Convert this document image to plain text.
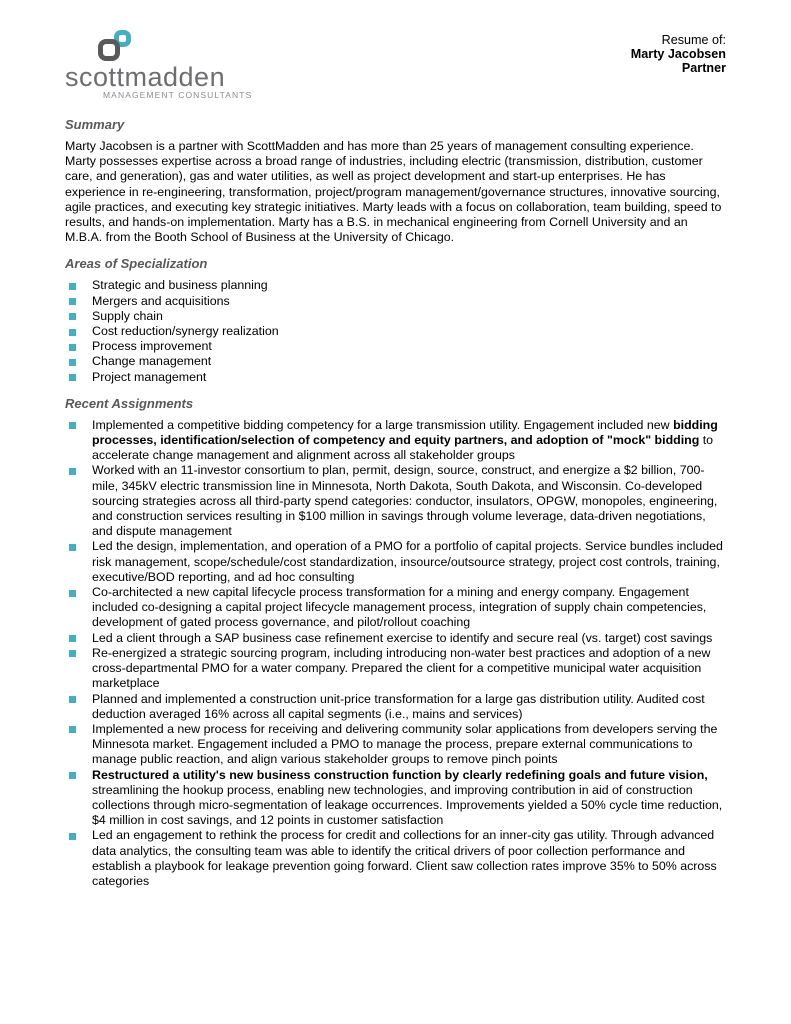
scottmadden
MANAGEMENT CONSULTANTS
Resume of:
Marty Jacobsen
Partner
Summary

Marty Jacobsen is a partner with ScottMadden and has more than 25 years of management consulting experience. Marty possesses expertise across a broad range of industries, including electric (transmission, distribution, customer care, and generation), gas and water utilities, as well as project development and start-up enterprises. He has experience in re-engineering, transformation, project/program management/governance structures, innovative sourcing, agile practices, and executing key strategic initiatives. Marty leads with a focus on collaboration, team building, speed to results, and hands-on implementation. Marty has a B.S. in mechanical engineering from Cornell University and an M.B.A. from the Booth School of Business at the University of Chicago.

Areas of Specialization
Strategic and business planning
Mergers and acquisitions
Supply chain
Cost reduction/synergy realization
Process improvement
Change management
Project management
Recent Assignments
Implemented a competitive bidding competency for a large transmission utility. Engagement included new bidding processes, identification/selection of competency and equity partners, and adoption of "mock" bidding to accelerate change management and alignment across all stakeholder groups
Worked with an 11-investor consortium to plan, permit, design, source, construct, and energize a $2 billion, 700-mile, 345kV electric transmission line in Minnesota, North Dakota, South Dakota, and Wisconsin. Co-developed sourcing strategies across all third-party spend categories: conductor, insulators, OPGW, monopoles, engineering, and construction services resulting in $100 million in savings through volume leverage, data-driven negotiations, and dispute management
Led the design, implementation, and operation of a PMO for a portfolio of capital projects. Service bundles included risk management, scope/schedule/cost standardization, insource/outsource strategy, project cost controls, training, executive/BOD reporting, and ad hoc consulting
Co-architected a new capital lifecycle process transformation for a mining and energy company. Engagement included co-designing a capital project lifecycle management process, integration of supply chain competencies, development of gated process governance, and pilot/rollout coaching
Led a client through a SAP business case refinement exercise to identify and secure real (vs. target) cost savings
Re-energized a strategic sourcing program, including introducing non-water best practices and adoption of a new cross-departmental PMO for a water company. Prepared the client for a competitive municipal water acquisition marketplace
Planned and implemented a construction unit-price transformation for a large gas distribution utility. Audited cost deduction averaged 16% across all capital segments (i.e., mains and services)
Implemented a new process for receiving and delivering community solar applications from developers serving the Minnesota market. Engagement included a PMO to manage the process, prepare external communications to manage public reaction, and align various stakeholder groups to remove pinch points
Restructured a utility's new business construction function by clearly redefining goals and future vision, streamlining the hookup process, enabling new technologies, and improving contribution in aid of construction collections through micro-segmentation of leakage occurrences. Improvements yielded a 50% cycle time reduction, $4 million in cost savings, and 12 points in customer satisfaction
Led an engagement to rethink the process for credit and collections for an inner-city gas utility. Through advanced data analytics, the consulting team was able to identify the critical drivers of poor collection performance and establish a playbook for leakage prevention going forward. Client saw collection rates improve 35% to 50% across categories
